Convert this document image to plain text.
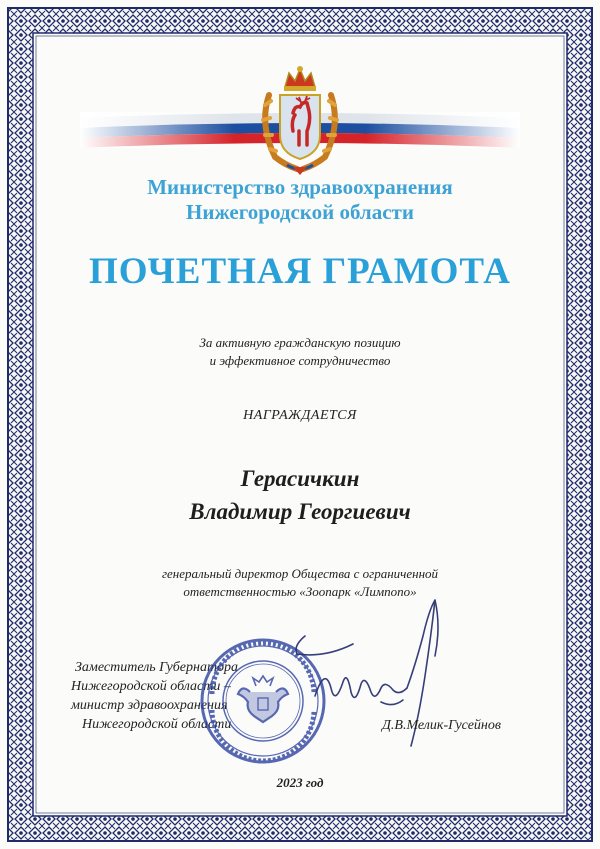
Министерство здравоохранения
Нижегородской области
ПОЧЕТНАЯ ГРАМОТА
За активную гражданскую позицию
и эффективное сотрудничество
НАГРАЖДАЕТСЯ
Герасичкин
Владимир Георгиевич
генеральный директор Общества с ограниченной
ответственностью «Зоопарк «Лимпопо»
Заместитель Губернатора
Нижегородской области –
министр здравоохранения
Нижегородской области	Д.В.Мелик-Гусейнов
2023 год
